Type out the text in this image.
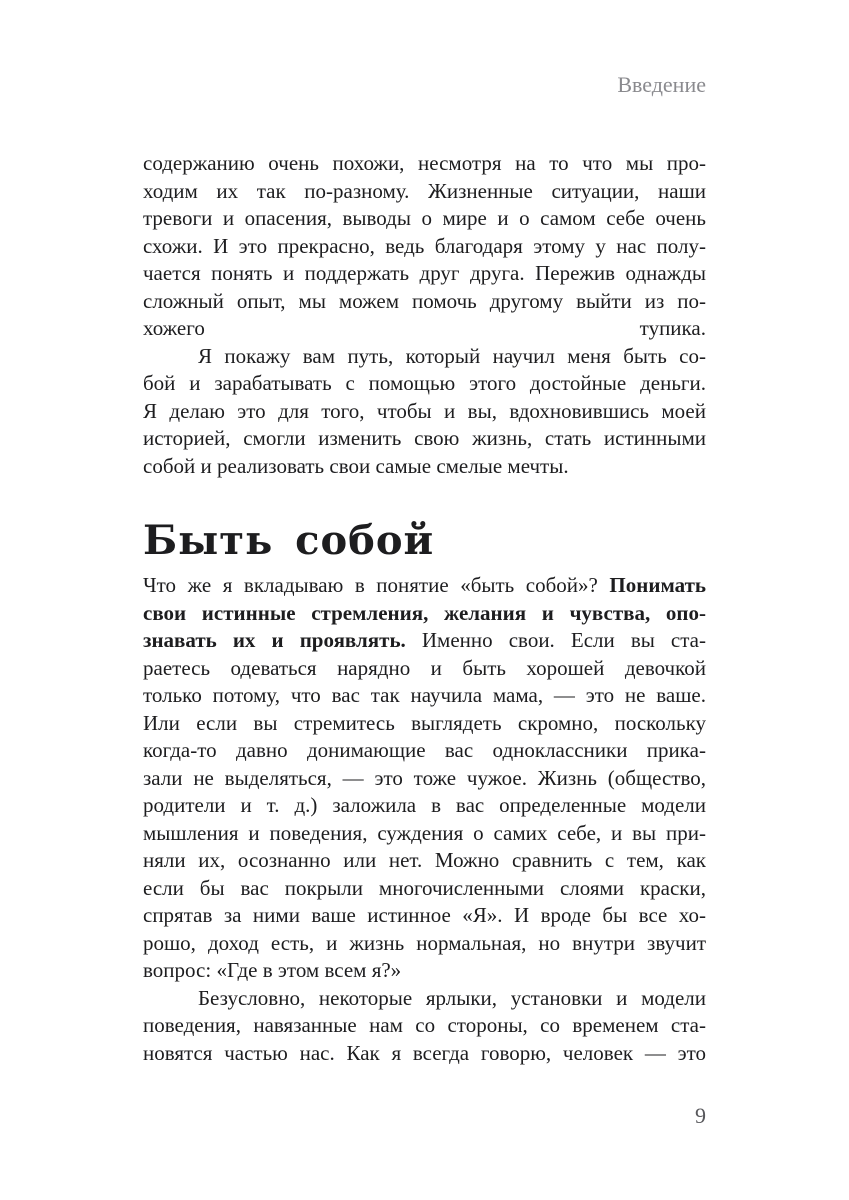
Введение
содержанию очень похожи, несмотря на то что мы про-
ходим их так по-разному. Жизненные ситуации, наши
тревоги и опасения, выводы о мире и о самом себе очень
схожи. И это прекрасно, ведь благодаря этому у нас полу-
чается понять и поддержать друг друга. Пережив однажды
сложный опыт, мы можем помочь другому выйти из по-
хожего тупика.
Я покажу вам путь, который научил меня быть со-
бой и зарабатывать с помощью этого достойные деньги.
Я делаю это для того, чтобы и вы, вдохновившись моей
историей, смогли изменить свою жизнь, стать истинными
собой и реализовать свои самые смелые мечты.
Быть собой
Что же я вкладываю в понятие «быть собой»? Понимать
свои истинные стремления, желания и чувства, опо-
знавать их и проявлять. Именно свои. Если вы ста-
раетесь одеваться нарядно и быть хорошей девочкой
только потому, что вас так научила мама, — это не ваше.
Или если вы стремитесь выглядеть скромно, поскольку
когда-то давно донимающие вас одноклассники прика-
зали не выделяться, — это тоже чужое. Жизнь (общество,
родители и т. д.) заложила в вас определенные модели
мышления и поведения, суждения о самих себе, и вы при-
няли их, осознанно или нет. Можно сравнить с тем, как
если бы вас покрыли многочисленными слоями краски,
спрятав за ними ваше истинное «Я». И вроде бы все хо-
рошо, доход есть, и жизнь нормальная, но внутри звучит
вопрос: «Где в этом всем я?»
Безусловно, некоторые ярлыки, установки и модели
поведения, навязанные нам со стороны, со временем ста-
новятся частью нас. Как я всегда говорю, человек — это
9
